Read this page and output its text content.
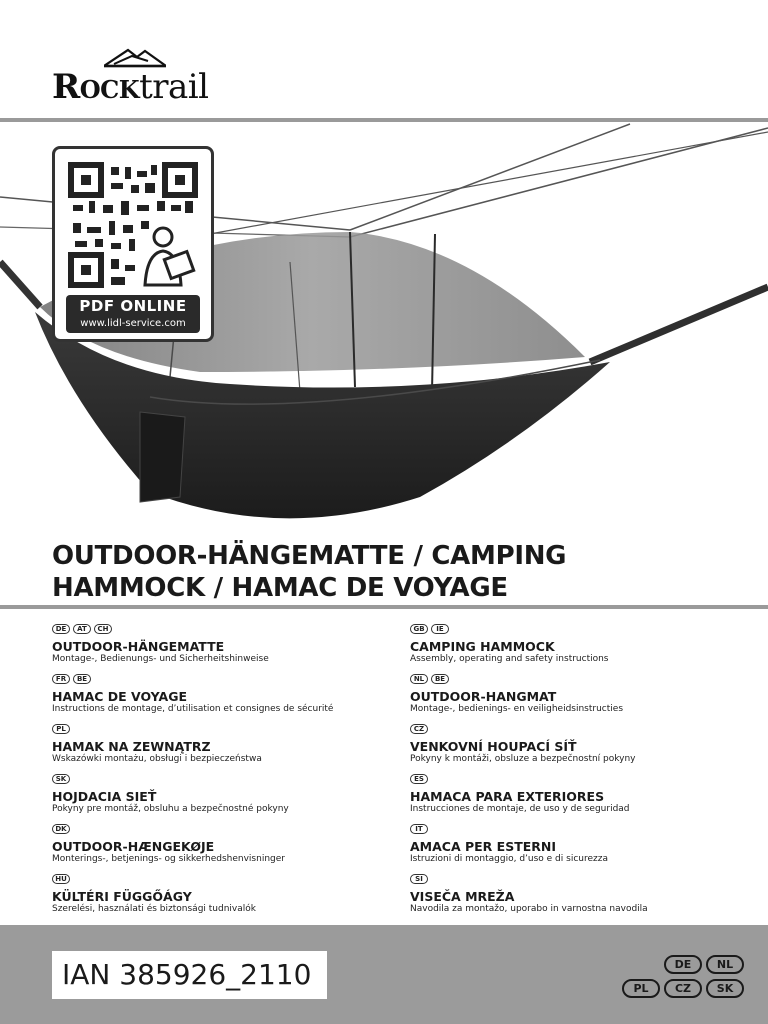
Rocktrail
PDF ONLINE
www.lidl-service.com
OUTDOOR-HÄNGEMATTE / CAMPING
HAMMOCK / HAMAC DE VOYAGE
DE	AT	CH
OUTDOOR-HÄNGEMATTE
Montage-, Bedienungs- und Sicherheitshinweise
FR	BE
HAMAC DE VOYAGE
Instructions de montage, d’utilisation et consignes de sécurité
PL
HAMAK NA ZEWNĄTRZ
Wskazówki montażu, obsługi i bezpieczeństwa
SK
HOJDACIA SIEŤ
Pokyny pre montáž, obsluhu a bezpečnostné pokyny
DK
OUTDOOR-HÆNGEKØJE
Monterings-, betjenings- og sikkerhedshenvisninger
HU
KÜLTÉRI FÜGGŐÁGY
Szerelési, használati és biztonsági tudnivalók
GB	IE
CAMPING HAMMOCK
Assembly, operating and safety instructions
NL	BE
OUTDOOR-HANGMAT
Montage-, bedienings- en veiligheidsinstructies
CZ
VENKOVNÍ HOUPACÍ SÍŤ
Pokyny k montáži, obsluze a bezpečnostní pokyny
ES
HAMACA PARA EXTERIORES
Instrucciones de montaje, de uso y de seguridad
IT
AMACA PER ESTERNI
Istruzioni di montaggio, d’uso e di sicurezza
SI
VISEČA MREŽA
Navodila za montažo, uporabo in varnostna navodila
IAN 385926_2110	DE	NL
PL	CZ	SK
